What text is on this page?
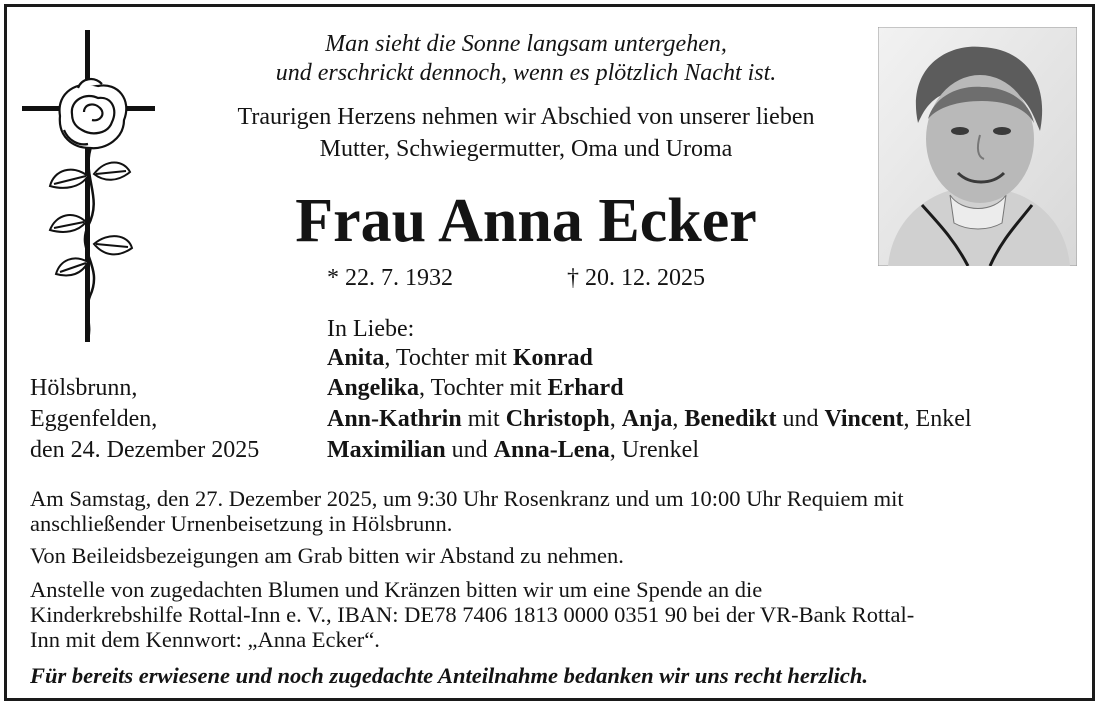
Man sieht die Sonne langsam untergehen,
und erschrickt dennoch, wenn es plötzlich Nacht ist.
Traurigen Herzens nehmen wir Abschied von unserer lieben
Mutter, Schwiegermutter, Oma und Uroma
Frau Anna Ecker
* 22. 7. 1932	† 20. 12. 2025
In Liebe:
Anita, Tochter mit Konrad
Angelika, Tochter mit Erhard
Ann-Kathrin mit Christoph, Anja, Benedikt und Vincent, Enkel
Maximilian und Anna-Lena, Urenkel
Hölsbrunn,
Eggenfelden,
den 24. Dezember 2025
Am Samstag, den 27. Dezember 2025, um 9:30 Uhr Rosenkranz und um 10:00 Uhr Requiem mit
anschließender Urnenbeisetzung in Hölsbrunn.
Von Beileidsbezeigungen am Grab bitten wir Abstand zu nehmen.
Anstelle von zugedachten Blumen und Kränzen bitten wir um eine Spende an die
Kinderkrebshilfe Rottal-Inn e. V., IBAN: DE78 7406 1813 0000 0351 90 bei der VR-Bank Rottal-
Inn mit dem Kennwort: „Anna Ecker“.
Für bereits erwiesene und noch zugedachte Anteilnahme bedanken wir uns recht herzlich.
